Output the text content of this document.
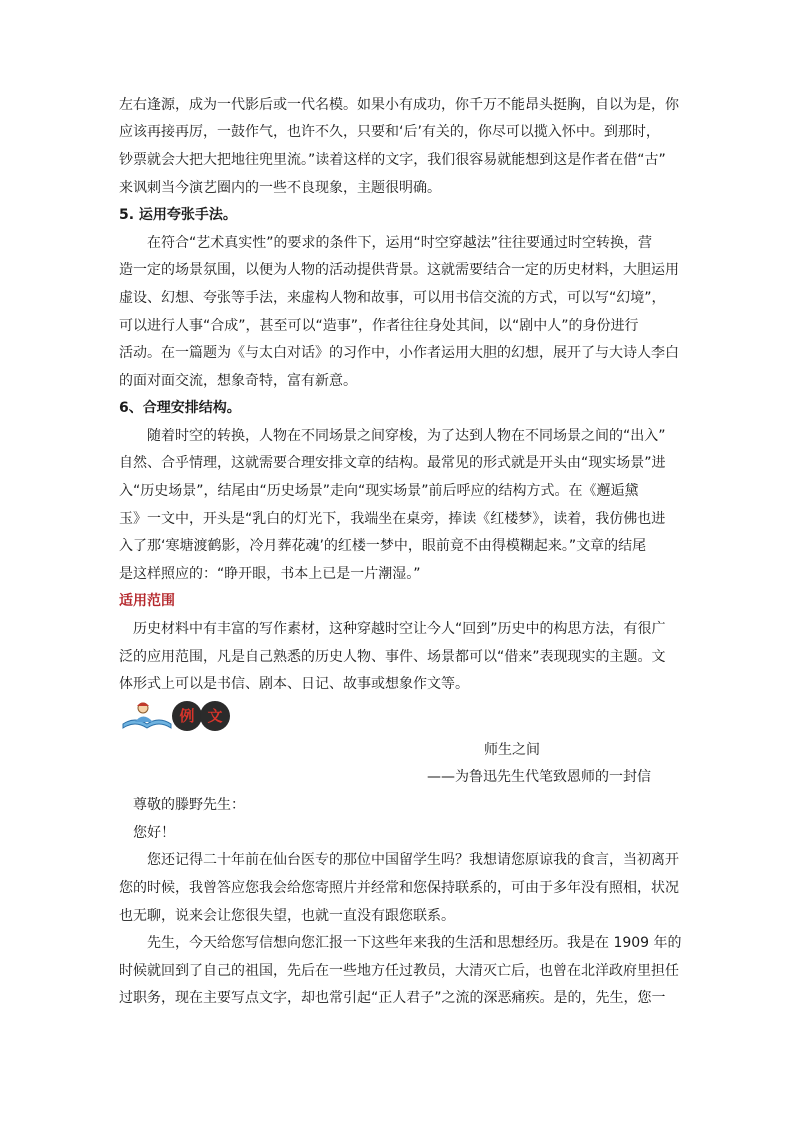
左右逢源，成为一代影后或一代名模。如果小有成功，你千万不能昂头挺胸，自以为是，你
应该再接再厉，一鼓作气，也许不久，只要和‘后’有关的，你尽可以揽入怀中。到那时，
钞票就会大把大把地往兜里流。”读着这样的文字，我们很容易就能想到这是作者在借“古”
来讽刺当今演艺圈内的一些不良现象，主题很明确。
5. 运用夸张手法。
在符合“艺术真实性”的要求的条件下，运用“时空穿越法”往往要通过时空转换，营
造一定的场景氛围，以便为人物的活动提供背景。这就需要结合一定的历史材料，大胆运用
虚设、幻想、夸张等手法，来虚构人物和故事，可以用书信交流的方式，可以写“幻境”，
可以进行人事“合成”，甚至可以“造事”，作者往往身处其间，以“剧中人”的身份进行
活动。在一篇题为《与太白对话》的习作中，小作者运用大胆的幻想，展开了与大诗人李白
的面对面交流，想象奇特，富有新意。
6、合理安排结构。
随着时空的转换，人物在不同场景之间穿梭，为了达到人物在不同场景之间的“出入”
自然、合乎情理，这就需要合理安排文章的结构。最常见的形式就是开头由“现实场景”进
入“历史场景”，结尾由“历史场景”走向“现实场景”前后呼应的结构方式。在《邂逅黛
玉》一文中，开头是“乳白的灯光下，我端坐在桌旁，捧读《红楼梦》，读着，我仿佛也进
入了那‘寒塘渡鹤影，冷月葬花魂’的红楼一梦中，眼前竟不由得模糊起来。”文章的结尾
是这样照应的：“睁开眼，书本上已是一片潮湿。”
适用范围
历史材料中有丰富的写作素材，这种穿越时空让今人“回到”历史中的构思方法，有很广
泛的应用范围，凡是自己熟悉的历史人物、事件、场景都可以“借来”表现现实的主题。文
体形式上可以是书信、剧本、日记、故事或想象作文等。
例 文
师生之间
——为鲁迅先生代笔致恩师的一封信
尊敬的滕野先生：
您好！
您还记得二十年前在仙台医专的那位中国留学生吗？我想请您原谅我的食言，当初离开
您的时候，我曾答应您我会给您寄照片并经常和您保持联系的，可由于多年没有照相，状况
也无聊，说来会让您很失望，也就一直没有跟您联系。
先生，今天给您写信想向您汇报一下这些年来我的生活和思想经历。我是在 1909 年的
时候就回到了自己的祖国，先后在一些地方任过教员，大清灭亡后，也曾在北洋政府里担任
过职务，现在主要写点文字，却也常引起“正人君子”之流的深恶痛疾。是的，先生，您一
